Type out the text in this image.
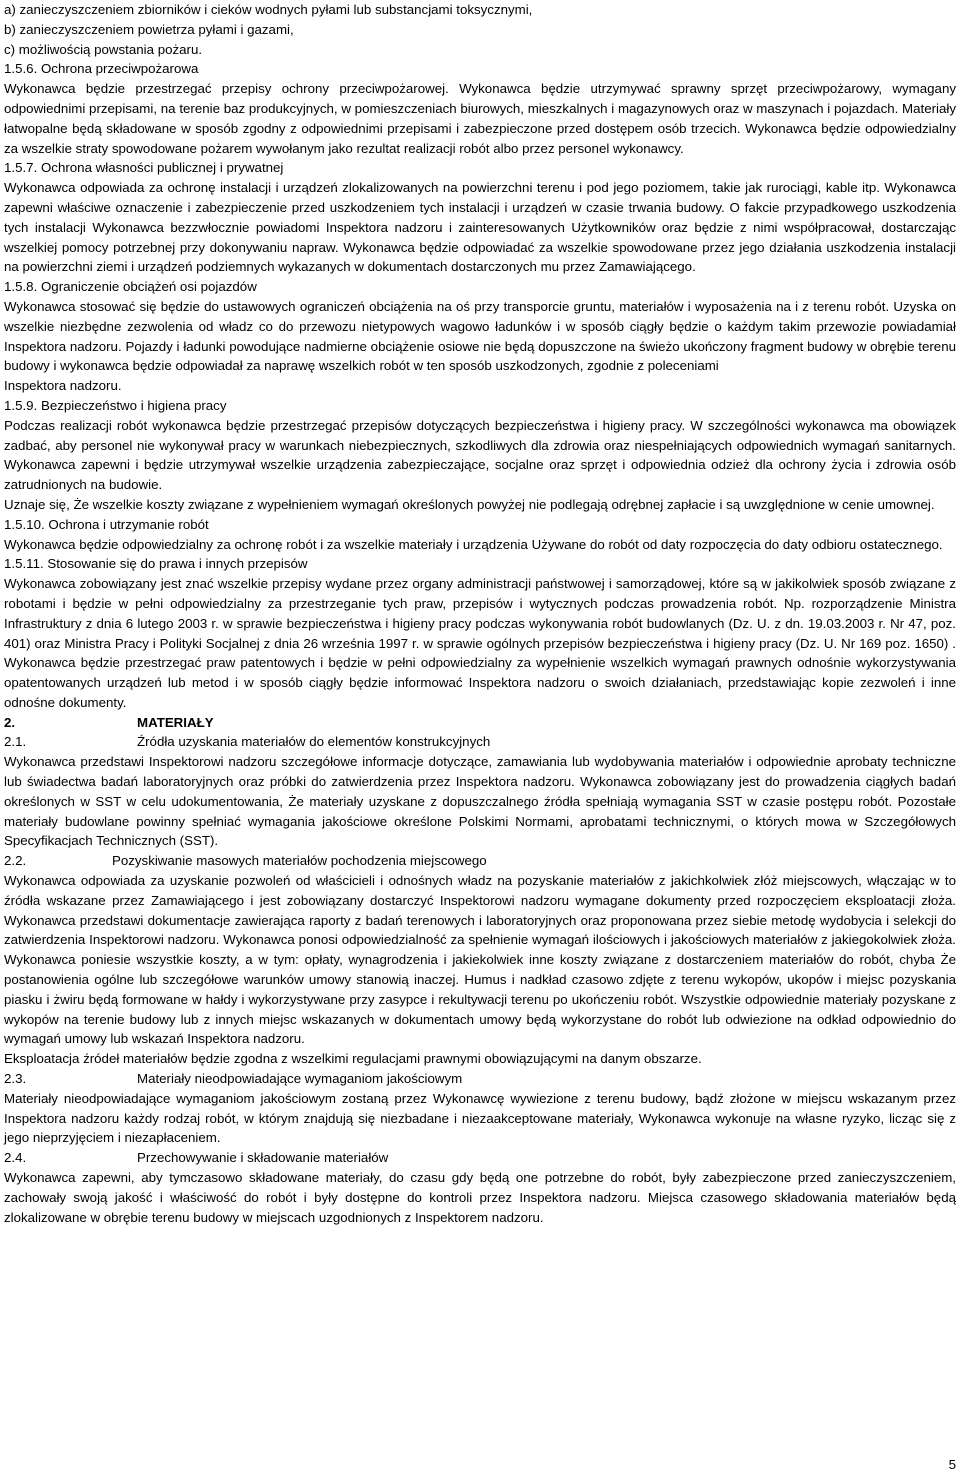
a) zanieczyszczeniem zbiorników i cieków wodnych pyłami lub substancjami toksycznymi,

b) zanieczyszczeniem powietrza pyłami i gazami,

c) możliwością powstania pożaru.

1.5.6. Ochrona przeciwpożarowa

Wykonawca będzie przestrzegać przepisy ochrony przeciwpożarowej. Wykonawca będzie utrzymywać sprawny sprzęt przeciwpożarowy, wymagany odpowiednimi przepisami, na terenie baz produkcyjnych, w pomieszczeniach biurowych, mieszkalnych i magazynowych oraz w maszynach i pojazdach. Materiały łatwopalne będą składowane w sposób zgodny z odpowiednimi przepisami i zabezpieczone przed dostępem osób trzecich. Wykonawca będzie odpowiedzialny za wszelkie straty spowodowane pożarem wywołanym jako rezultat realizacji robót albo przez personel wykonawcy.

1.5.7. Ochrona własności publicznej i prywatnej

Wykonawca odpowiada za ochronę instalacji i urządzeń zlokalizowanych na powierzchni terenu i pod jego poziomem, takie jak rurociągi, kable itp. Wykonawca zapewni właściwe oznaczenie i zabezpieczenie przed uszkodzeniem tych instalacji i urządzeń w czasie trwania budowy. O fakcie przypadkowego uszkodzenia tych instalacji Wykonawca bezzwłocznie powiadomi Inspektora nadzoru i zainteresowanych Użytkowników oraz będzie z nimi współpracował, dostarczając wszelkiej pomocy potrzebnej przy dokonywaniu napraw. Wykonawca będzie odpowiadać za wszelkie spowodowane przez jego działania uszkodzenia instalacji na powierzchni ziemi i urządzeń podziemnych wykazanych w dokumentach dostarczonych mu przez Zamawiającego.

1.5.8. Ograniczenie obciążeń osi pojazdów

Wykonawca stosować się będzie do ustawowych ograniczeń obciążenia na oś przy transporcie gruntu, materiałów i wyposażenia na i z terenu robót. Uzyska on wszelkie niezbędne zezwolenia od władz co do przewozu nietypowych wagowo ładunków i w sposób ciągły będzie o każdym takim przewozie powiadamiał Inspektora nadzoru. Pojazdy i ładunki powodujące nadmierne obciążenie osiowe nie będą dopuszczone na świeżo ukończony fragment budowy w obrębie terenu budowy i wykonawca będzie odpowiadał za naprawę wszelkich robót w ten sposób uszkodzonych, zgodnie z poleceniami

Inspektora nadzoru.

1.5.9. Bezpieczeństwo i higiena pracy

Podczas realizacji robót wykonawca będzie przestrzegać przepisów dotyczących bezpieczeństwa i higieny pracy. W szczególności wykonawca ma obowiązek zadbać, aby personel nie wykonywał pracy w warunkach niebezpiecznych, szkodliwych dla zdrowia oraz niespełniających odpowiednich wymagań sanitarnych. Wykonawca zapewni i będzie utrzymywał wszelkie urządzenia zabezpieczające, socjalne oraz sprzęt i odpowiednia odzież dla ochrony życia i zdrowia osób zatrudnionych na budowie.

Uznaje się, Że wszelkie koszty związane z wypełnieniem wymagań określonych powyżej nie podlegają odrębnej zapłacie i są uwzględnione w cenie umownej.

1.5.10. Ochrona i utrzymanie robót

Wykonawca będzie odpowiedzialny za ochronę robót i za wszelkie materiały i urządzenia Używane do robót od daty rozpoczęcia do daty odbioru ostatecznego.

1.5.11. Stosowanie się do prawa i innych przepisów

Wykonawca zobowiązany jest znać wszelkie przepisy wydane przez organy administracji państwowej i samorządowej, które są w jakikolwiek sposób związane z robotami i będzie w pełni odpowiedzialny za przestrzeganie tych praw, przepisów i wytycznych podczas prowadzenia robót. Np. rozporządzenie Ministra Infrastruktury z dnia 6 lutego 2003 r. w sprawie bezpieczeństwa i higieny pracy podczas wykonywania robót budowlanych (Dz. U. z dn. 19.03.2003 r. Nr 47, poz. 401) oraz Ministra Pracy i Polityki Socjalnej z dnia 26 września 1997 r. w sprawie ogólnych przepisów bezpieczeństwa i higieny pracy (Dz. U. Nr 169 poz. 1650) . Wykonawca będzie przestrzegać praw patentowych i będzie w pełni odpowiedzialny za wypełnienie wszelkich wymagań prawnych odnośnie wykorzystywania opatentowanych urządzeń lub metod i w sposób ciągły będzie informować Inspektora nadzoru o swoich działaniach, przedstawiając kopie zezwoleń i inne odnośne dokumenty.

2.	MATERIAŁY

2.1.	Źródła uzyskania materiałów do elementów konstrukcyjnych

Wykonawca przedstawi Inspektorowi nadzoru szczegółowe informacje dotyczące, zamawiania lub wydobywania materiałów i odpowiednie aprobaty techniczne lub świadectwa badań laboratoryjnych oraz próbki do zatwierdzenia przez Inspektora nadzoru. Wykonawca zobowiązany jest do prowadzenia ciągłych badań określonych w SST w celu udokumentowania, Że materiały uzyskane z dopuszczalnego źródła spełniają wymagania SST w czasie postępu robót. Pozostałe materiały budowlane powinny spełniać wymagania jakościowe określone Polskimi Normami, aprobatami technicznymi, o których mowa w Szczegółowych Specyfikacjach Technicznych (SST).

2.2.	Pozyskiwanie masowych materiałów pochodzenia miejscowego

Wykonawca odpowiada za uzyskanie pozwoleń od właścicieli i odnośnych władz na pozyskanie materiałów z jakichkolwiek złóż miejscowych, włączając w to źródła wskazane przez Zamawiającego i jest zobowiązany dostarczyć Inspektorowi nadzoru wymagane dokumenty przed rozpoczęciem eksploatacji złoża. Wykonawca przedstawi dokumentacje zawierająca raporty z badań terenowych i laboratoryjnych oraz proponowana przez siebie metodę wydobycia i selekcji do zatwierdzenia Inspektorowi nadzoru. Wykonawca ponosi odpowiedzialność za spełnienie wymagań ilościowych i jakościowych materiałów z jakiegokolwiek złoża. Wykonawca poniesie wszystkie koszty, a w tym: opłaty, wynagrodzenia i jakiekolwiek inne koszty związane z dostarczeniem materiałów do robót, chyba Że postanowienia ogólne lub szczegółowe warunków umowy stanowią inaczej. Humus i nadkład czasowo zdjęte z terenu wykopów, ukopów i miejsc pozyskania piasku i żwiru będą formowane w hałdy i wykorzystywane przy zasypce i rekultywacji terenu po ukończeniu robót. Wszystkie odpowiednie materiały pozyskane z wykopów na terenie budowy lub z innych miejsc wskazanych w dokumentach umowy będą wykorzystane do robót lub odwiezione na odkład odpowiednio do wymagań umowy lub wskazań Inspektora nadzoru.

Eksploatacja źródeł materiałów będzie zgodna z wszelkimi regulacjami prawnymi obowiązującymi na danym obszarze.

2.3.	Materiały nieodpowiadające wymaganiom jakościowym

Materiały nieodpowiadające wymaganiom jakościowym zostaną przez Wykonawcę wywiezione z terenu budowy, bądź złożone w miejscu wskazanym przez Inspektora nadzoru każdy rodzaj robót, w którym znajdują się niezbadane i niezaakceptowane materiały, Wykonawca wykonuje na własne ryzyko, licząc się z jego nieprzyjęciem i niezapłaceniem.

2.4.	Przechowywanie i składowanie materiałów

Wykonawca zapewni, aby tymczasowo składowane materiały, do czasu gdy będą one potrzebne do robót, były zabezpieczone przed zanieczyszczeniem, zachowały swoją jakość i właściwość do robót i były dostępne do kontroli przez Inspektora nadzoru. Miejsca czasowego składowania materiałów będą zlokalizowane w obrębie terenu budowy w miejscach uzgodnionych z Inspektorem nadzoru.

5
